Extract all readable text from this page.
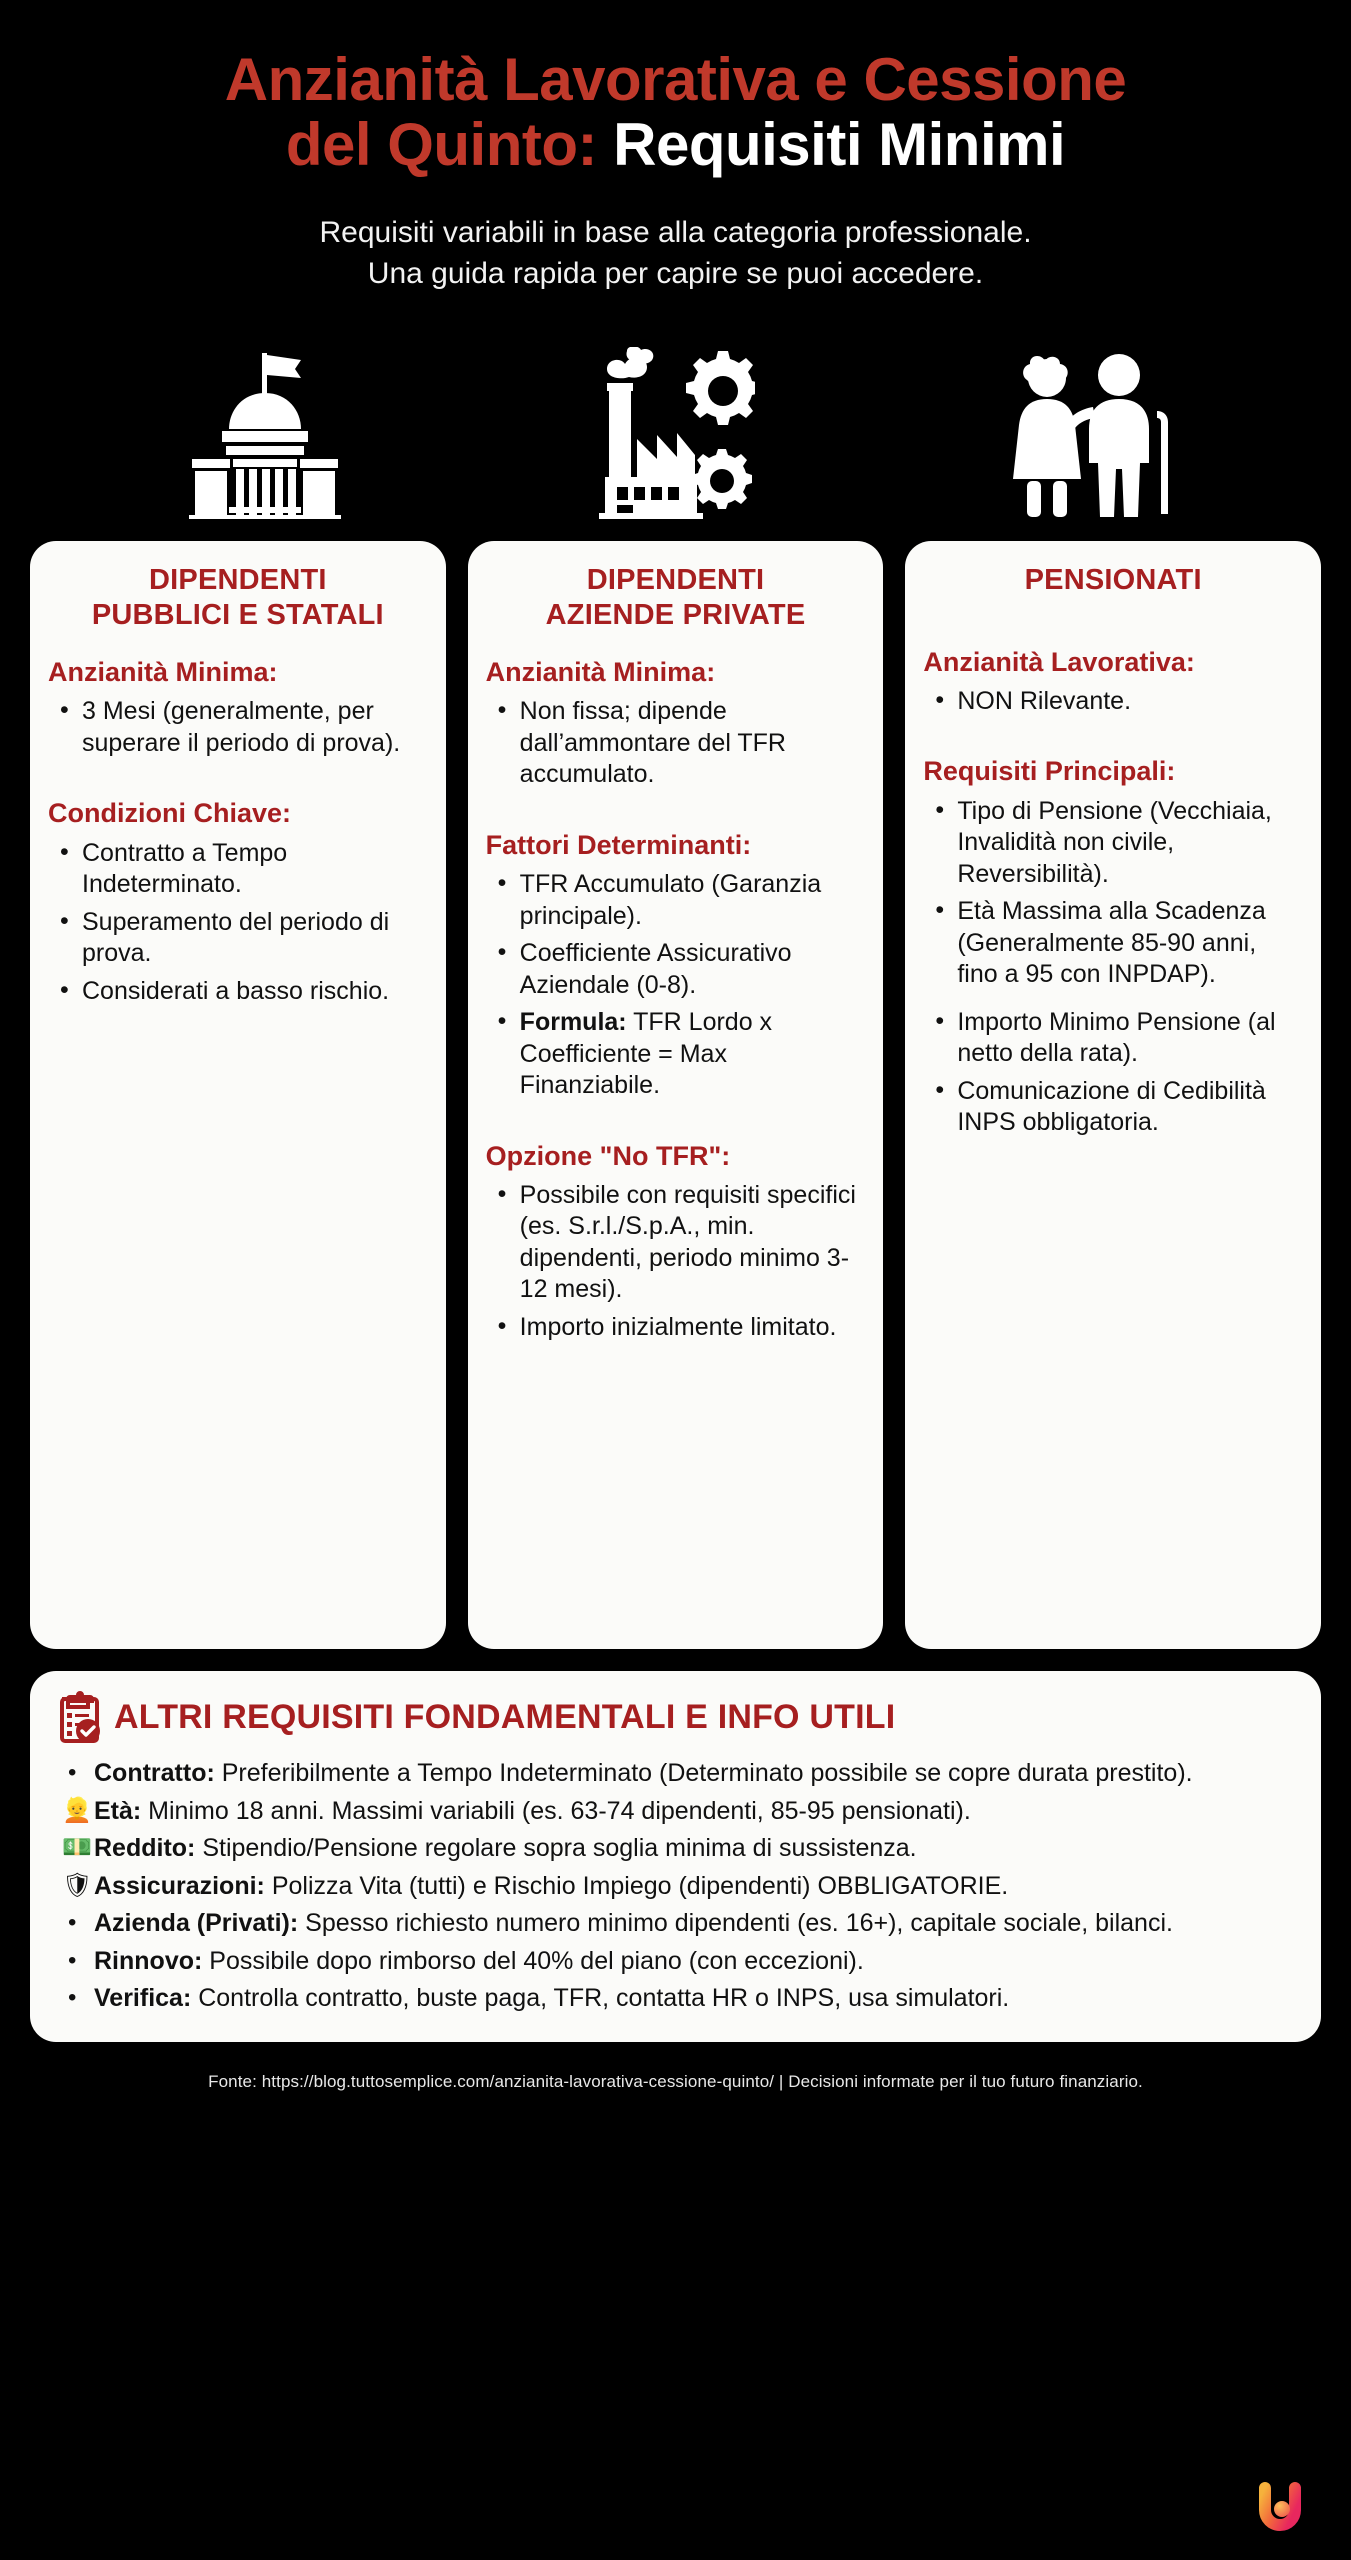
Anzianità Lavorativa e Cessione
del Quinto: Requisiti Minimi

Requisiti variabili in base alla categoria professionale.
Una guida rapida per capire se puoi accedere.

DIPENDENTI
PUBBLICI E STATALI
Anzianità Minima:
• 3 Mesi (generalmente, per superare il periodo di prova).
Condizioni Chiave:
• Contratto a Tempo Indeterminato.
• Superamento del periodo di prova.
• Considerati a basso rischio.
DIPENDENTI
AZIENDE PRIVATE
Anzianità Minima:
• Non fissa; dipende dall’ammontare del TFR accumulato.
Fattori Determinanti:
• TFR Accumulato (Garanzia principale).
• Coefficiente Assicurativo Aziendale (0-8).
• Formula: TFR Lordo x Coefficiente = Max Finanziabile.
Opzione "No TFR":
• Possibile con requisiti specifici (es. S.r.l./S.p.A., min. dipendenti, periodo minimo 3-12 mesi).
• Importo inizialmente limitato.
PENSIONATI
Anzianità Lavorativa:
• NON Rilevante.
Requisiti Principali:
• Tipo di Pensione (Vecchiaia, Invalidità non civile, Reversibilità).
• Età Massima alla Scadenza (Generalmente 85-90 anni, fino a 95 con INPDAP).
• Importo Minimo Pensione (al netto della rata).
• Comunicazione di Cedibilità INPS obbligatoria.
ALTRI REQUISITI FONDAMENTALI E INFO UTILI
• Contratto: Preferibilmente a Tempo Indeterminato (Determinato possibile se copre durata prestito).
👱 Età: Minimo 18 anni. Massimi variabili (es. 63-74 dipendenti, 85-95 pensionati).
💵 Reddito: Stipendio/Pensione regolare sopra soglia minima di sussistenza.
🛡 Assicurazioni: Polizza Vita (tutti) e Rischio Impiego (dipendenti) OBBLIGATORIE.
• Azienda (Privati): Spesso richiesto numero minimo dipendenti (es. 16+), capitale sociale, bilanci.
• Rinnovo: Possibile dopo rimborso del 40% del piano (con eccezioni).
• Verifica: Controlla contratto, buste paga, TFR, contatta HR o INPS, usa simulatori.
Fonte: https://blog.tuttosemplice.com/anzianita-lavorativa-cessione-quinto/ | Decisioni informate per il tuo futuro finanziario.
